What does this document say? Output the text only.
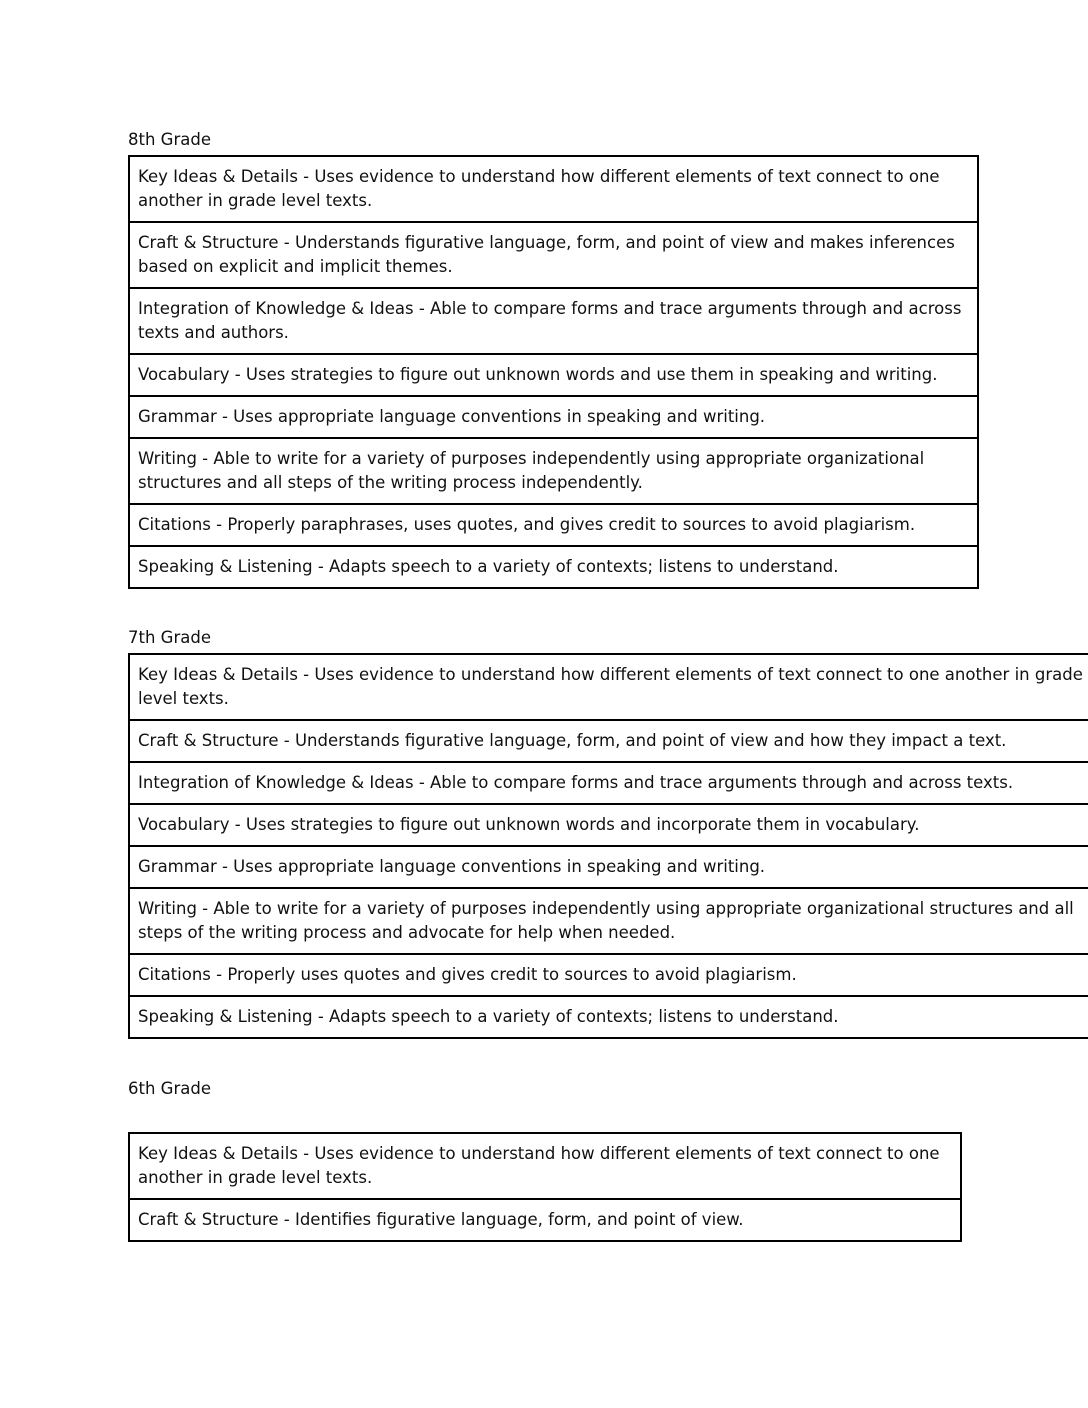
8th Grade

Key Ideas & Details - Uses evidence to understand how different elements of text connect to one another in grade level texts.
Craft & Structure - Understands figurative language, form, and point of view and makes inferences based on explicit and implicit themes.
Integration of Knowledge & Ideas - Able to compare forms and trace arguments through and across texts and authors.
Vocabulary - Uses strategies to figure out unknown words and use them in speaking and writing.
Grammar - Uses appropriate language conventions in speaking and writing.
Writing - Able to write for a variety of purposes independently using appropriate organizational structures and all steps of the writing process independently.
Citations - Properly paraphrases, uses quotes, and gives credit to sources to avoid plagiarism.
Speaking & Listening - Adapts speech to a variety of contexts; listens to understand.

7th Grade

Key Ideas & Details - Uses evidence to understand how different elements of text connect to one another in grade level texts.
Craft & Structure - Understands figurative language, form, and point of view and how they impact a text.
Integration of Knowledge & Ideas - Able to compare forms and trace arguments through and across texts.
Vocabulary - Uses strategies to figure out unknown words and incorporate them in vocabulary.
Grammar - Uses appropriate language conventions in speaking and writing.
Writing - Able to write for a variety of purposes independently using appropriate organizational structures and all steps of the writing process and advocate for help when needed.
Citations - Properly uses quotes and gives credit to sources to avoid plagiarism.
Speaking & Listening - Adapts speech to a variety of contexts; listens to understand.

6th Grade

Key Ideas & Details - Uses evidence to understand how different elements of text connect to one another in grade level texts.
Craft & Structure - Identifies figurative language, form, and point of view.
